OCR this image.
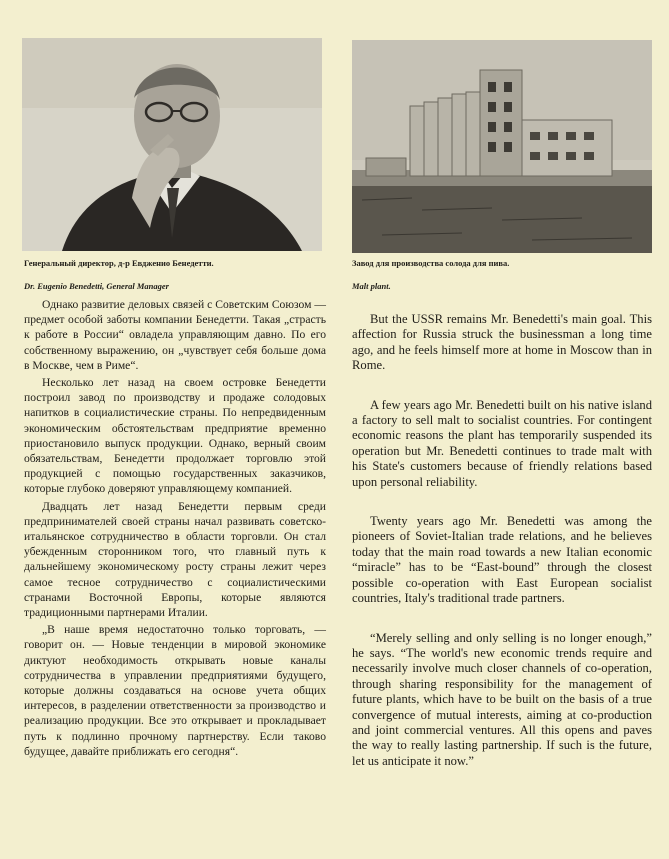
Генеральный директор, д-р Евдженио Бенедетти.
Dr. Eugenio Benedetti, General Manager
Завод для производства солода для пива.
Malt plant.

Однако развитие деловых связей с Советским Союзом — предмет особой заботы компании Бенедетти. Такая „страсть к работе в России“ овладела управляющим давно. По его собственному выражению, он „чувствует себя больше дома в Москве, чем в Риме“.

Несколько лет назад на своем островке Бенедетти построил завод по производству и продаже солодовых напитков в социалистические страны. По непредвиденным экономическим обстоятельствам предприятие временно приостановило выпуск продукции. Однако, верный своим обязательствам, Бенедетти продолжает торговлю этой продукцией с помощью государственных заказчиков, которые глубоко доверяют управляющему компанией.

Двадцать лет назад Бенедетти первым среди предпринимателей своей страны начал развивать советско-итальянское сотрудничество в области торговли. Он стал убежденным сторонником того, что главный путь к дальнейшему экономическому росту страны лежит через самое тесное сотрудничество с социалистическими странами Восточной Европы, которые являются традиционными партнерами Италии.

„В наше время недостаточно только торговать, — говорит он. — Новые тенденции в мировой экономике диктуют необходимость открывать новые каналы сотрудничества в управлении предприятиями будущего, которые должны создаваться на основе учета общих интересов, в разделении ответственности за производство и реализацию продукции. Все это открывает и прокладывает путь к подлинно прочному партнерству. Если таково будущее, давайте приближать его сегодня“.

But the USSR remains Mr. Benedetti's main goal. This affection for Russia struck the businessman a long time ago, and he feels himself more at home in Moscow than in Rome.

A few years ago Mr. Benedetti built on his native island a factory to sell malt to socialist countries. For contingent economic reasons the plant has temporarily suspended its operation but Mr. Benedetti continues to trade malt with his State's customers because of friendly relations based upon personal reliability.

Twenty years ago Mr. Benedetti was among the pioneers of Soviet-Italian trade relations, and he believes today that the main road towards a new Italian economic “miracle” has to be “East-bound” through the closest possible co-operation with East European socialist countries, Italy's traditional trade partners.

“Merely selling and only selling is no longer enough,” he says. “The world's new economic trends require and necessarily involve much closer channels of co-operation, through sharing responsibility for the management of future plants, which have to be built on the basis of a true convergence of mutual interests, aiming at co-production and joint commercial ventures. All this opens and paves the way to really lasting partnership. If such is the future, let us anticipate it now.”
